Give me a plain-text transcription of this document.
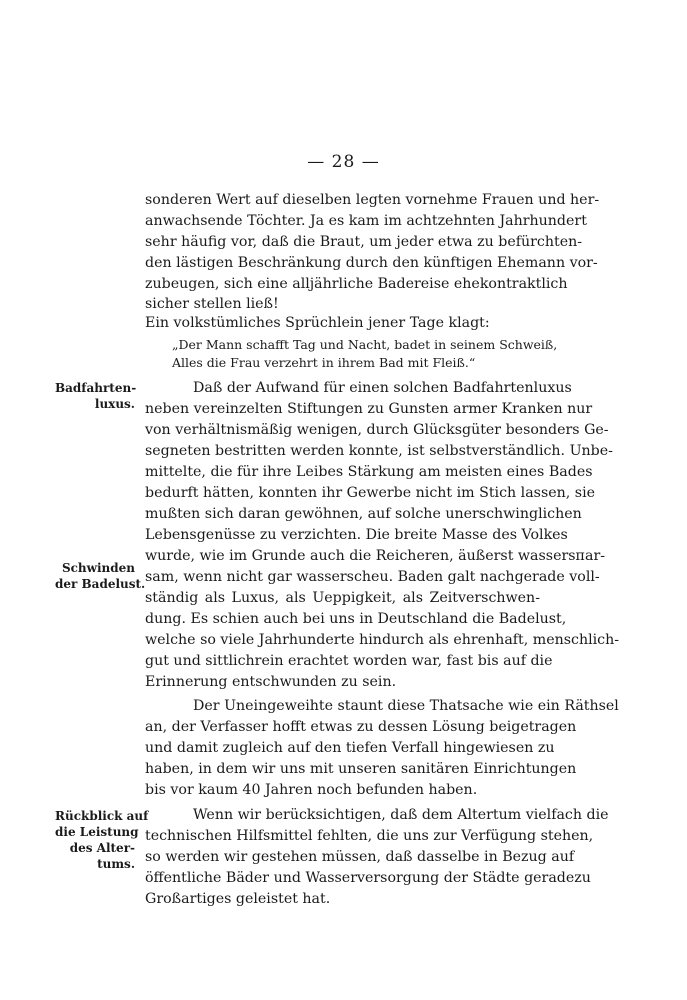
— 28 —
sonderen Wert auf dieselben legten vornehme Frauen und her-
anwachsende Töchter. Ja es kam im achtzehnten Jahrhundert
sehr häufig vor, daß die Braut, um jeder etwa zu befürchten-
den lästigen Beschränkung durch den künftigen Ehemann vor-
zubeugen, sich eine alljährliche Badereise ehekontraktlich
sicher stellen ließ!
Ein volkstümliches Sprüchlein jener Tage klagt:
„Der Mann schafft Tag und Nacht, badet in seinem Schweiß,
Alles die Frau verzehrt in ihrem Bad mit Fleiß.“
Daß der Aufwand für einen solchen Badfahrtenluxus
neben vereinzelten Stiftungen zu Gunsten armer Kranken nur
von verhältnismäßig wenigen, durch Glücksgüter besonders Ge-
segneten bestritten werden konnte, ist selbstverständlich. Unbe-
mittelte, die für ihre Leibes Stärkung am meisten eines Bades
bedurft hätten, konnten ihr Gewerbe nicht im Stich lassen, sie
mußten sich daran gewöhnen, auf solche unerschwinglichen
Lebensgenüsse zu verzichten. Die breite Masse des Volkes
wurde, wie im Grunde auch die Reicheren, äußerst wassersпar-
sam, wenn nicht gar wasserscheu. Baden galt nachgerade voll-
ständig als Luxus, als Ueppigkeit, als Zeitverschwen-
dung. Es schien auch bei uns in Deutschland die Badelust,
welche so viele Jahrhunderte hindurch als ehrenhaft, menschlich-
gut und sittlichrein erachtet worden war, fast bis auf die
Erinnerung entschwunden zu sein.
Der Uneingeweihte staunt diese Thatsache wie ein Räthsel
an, der Verfasser hofft etwas zu dessen Lösung beigetragen
und damit zugleich auf den tiefen Verfall hingewiesen zu
haben, in dem wir uns mit unseren sanitären Einrichtungen
bis vor kaum 40 Jahren noch befunden haben.
Wenn wir berücksichtigen, daß dem Altertum vielfach die
technischen Hilfsmittel fehlten, die uns zur Verfügung stehen,
so werden wir gestehen müssen, daß dasselbe in Bezug auf
öffentliche Bäder und Wasserversorgung der Städte geradezu
Großartiges geleistet hat.
Badfahrten-
luxus.
Schwinden
der Badelust.
Rückblick auf
die Leistung
des Alter-
tums.
